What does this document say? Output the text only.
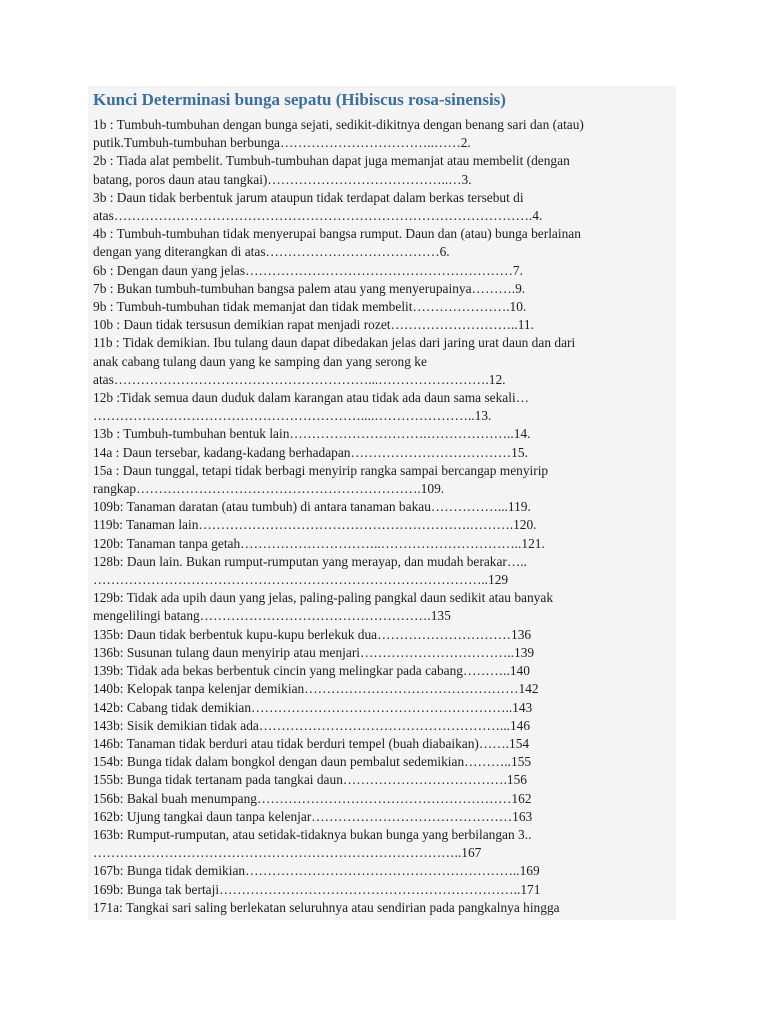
Kunci Determinasi bunga sepatu (Hibiscus rosa-sinensis)

1b : Tumbuh-tumbuhan dengan bunga sejati, sedikit-dikitnya dengan benang sari dan (atau)
putik.Tumbuh-tumbuhan berbunga……………………………..……2.

2b : Tiada alat pembelit. Tumbuh-tumbuhan dapat juga memanjat atau membelit (dengan
batang, poros daun atau tangkai)…………………………………..…3.

3b : Daun tidak berbentuk jarum ataupun tidak terdapat dalam berkas tersebut di
atas………………………………………………………………………………….4.

4b : Tumbuh-tumbuhan tidak menyerupai bangsa rumput. Daun dan (atau) bunga berlainan
dengan yang diterangkan di atas…………………………………6.

6b : Dengan daun yang jelas……………………………………………………7.

7b : Bukan tumbuh-tumbuhan bangsa palem atau yang menyerupainya……….9.

9b : Tumbuh-tumbuhan tidak memanjat dan tidak membelit………………….10.

10b : Daun tidak tersusun demikian rapat menjadi rozet………………………..11.

11b : Tidak demikian. Ibu tulang daun dapat dibedakan jelas dari jaring urat daun dan dari
anak cabang tulang daun yang ke samping dan yang serong ke
atas…………………………………………………...…………………….12.

12b :Tidak semua daun duduk dalam karangan atau tidak ada daun sama sekali…
……………………………………………………....…………………..13.

13b : Tumbuh-tumbuhan bentuk lain………………………….………………..14.

14a : Daun tersebar, kadang-kadang berhadapan………………………………15.

15a : Daun tunggal, tetapi tidak berbagi menyirip rangka sampai bercangap menyirip
rangkap……………………………………………………….109.

109b: Tanaman daratan (atau tumbuh) di antara tanaman bakau……………...119.

119b: Tanaman lain…………………………………………………….……….120.

120b: Tanaman tanpa getah…………………………..…………………………..121.

128b: Daun lain. Bukan rumput-rumputan yang merayap, dan mudah berakar…..
……………………………………………………………………………..129

129b: Tidak ada upih daun yang jelas, paling-paling pangkal daun sedikit atau banyak
mengelilingi batang…………………………………………….135

135b: Daun tidak berbentuk kupu-kupu berlekuk dua…………………………136

136b: Susunan tulang daun menyirip atau menjari……………………………..139

139b: Tidak ada bekas berbentuk cincin yang melingkar pada cabang………..140

140b: Kelopak tanpa kelenjar demikian…………………………………………142

142b: Cabang tidak demikian…………………………………………………..143

143b: Sisik demikian tidak ada………………………………………………...146

146b: Tanaman tidak berduri atau tidak berduri tempel (buah diabaikan)…….154

154b: Bunga tidak dalam bongkol dengan daun pembalut sedemikian………..155

155b: Bunga tidak tertanam pada tangkai daun……………………………….156

156b: Bakal buah menumpang…………………………………………………162

162b: Ujung tangkai daun tanpa kelenjar………………………………………163

163b: Rumput-rumputan, atau setidak-tidaknya bukan bunga yang berbilangan 3..
………………………………………………………………………..167

167b: Bunga tidak demikian……………………………………………………..169

169b: Bunga tak bertaji…………………………………………………………..171

171a: Tangkai sari saling berlekatan seluruhnya atau sendirian pada pangkalnya hingga
